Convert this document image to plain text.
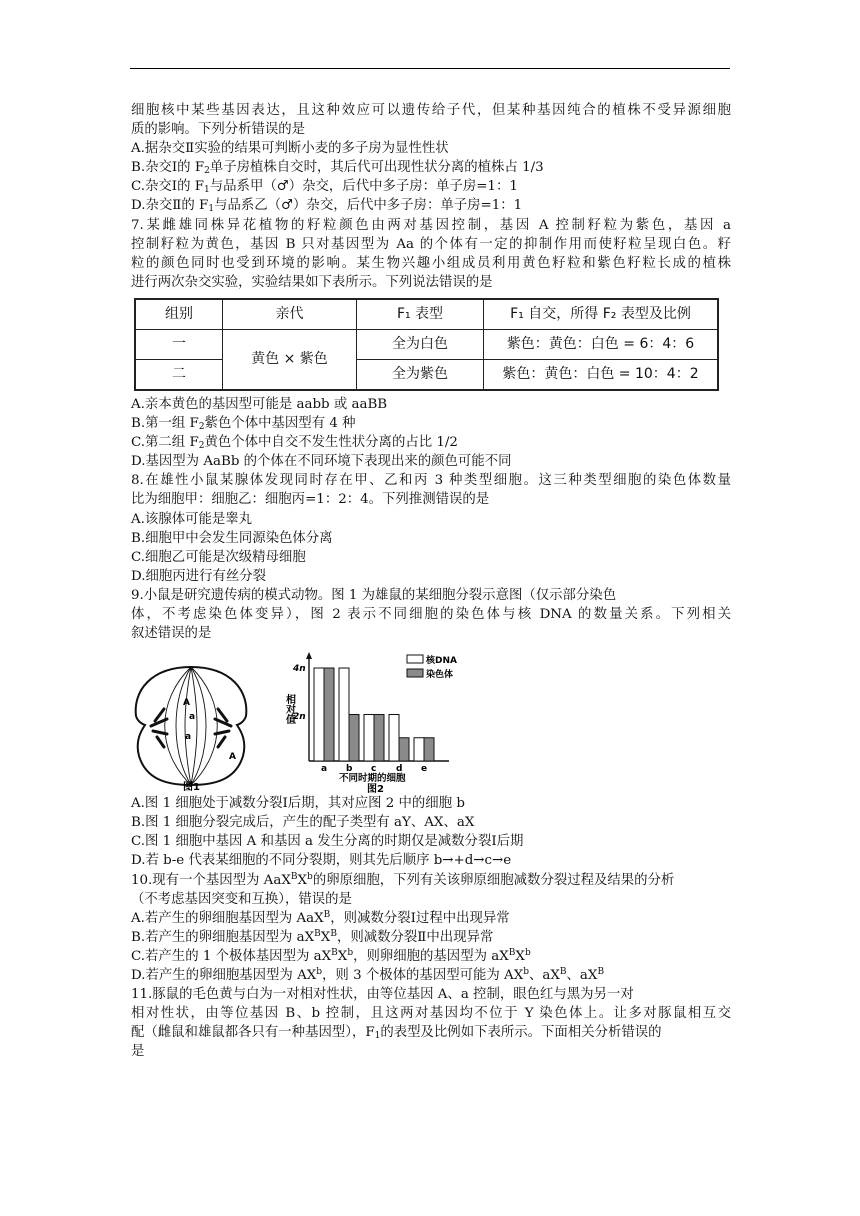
细胞核中某些基因表达，且这种效应可以遗传给子代，但某种基因纯合的植株不受异源细胞
质的影响。下列分析错误的是
A.据杂交Ⅱ实验的结果可判断小麦的多子房为显性性状
B.杂交Ⅰ的 $F_2$单子房植株自交时，其后代可出现性状分离的植株占 1/3
C.杂交Ⅰ的 $F_1$与品系甲（♂）杂交，后代中多子房：单子房=1：1
D.杂交Ⅱ的 $F_1$与品系乙（♂）杂交，后代中多子房：单子房=1：1
7.某雌雄同株异花植物的籽粒颜色由两对基因控制，基因 A 控制籽粒为紫色，基因 a
控制籽粒为黄色，基因 B 只对基因型为 Aa 的个体有一定的抑制作用而使籽粒呈现白色。籽
粒的颜色同时也受到环境的影响。某生物兴趣小组成员利用黄色籽粒和紫色籽粒长成的植株
进行两次杂交实验，实验结果如下表所示。下列说法错误的是
组别	亲代	F₁ 表型	F₁ 自交，所得 F₂ 表型及比例
一	黄色 × 紫色	全为白色	紫色：黄色：白色 = 6：4：6
二		全为紫色	紫色：黄色：白色 = 10：4：2
A.亲本黄色的基因型可能是 aabb 或 aaBB
B.第一组 $F_2$紫色个体中基因型有 4 种
C.第二组 $F_2$黄色个体中自交不发生性状分离的占比 1/2
D.基因型为 AaBb 的个体在不同环境下表现出来的颜色可能不同
8.在雄性小鼠某腺体发现同时存在甲、乙和丙 3 种类型细胞。这三种类型细胞的染色体数量
比为细胞甲：细胞乙：细胞丙=1：2：4。下列推测错误的是
A.该腺体可能是睾丸
B.细胞甲中会发生同源染色体分离
C.细胞乙可能是次级精母细胞
D.细胞丙进行有丝分裂
9.小鼠是研究遗传病的模式动物。图 1 为雄鼠的某细胞分裂示意图（仅示部分染色
体，不考虑染色体变异），图 2 表示不同细胞的染色体与核 DNA 的数量关系。下列相关
叙述错误的是
A
a
a
A
图1
相对值
4n
2n
a b c d e
核DNA
染色体
不同时期的细胞
图2
A.图 1 细胞处于减数分裂Ⅰ后期，其对应图 2 中的细胞 b
B.图 1 细胞分裂完成后，产生的配子类型有 aY、AX、aX
C.图 1 细胞中基因 A 和基因 a 发生分离的时期仅是减数分裂Ⅰ后期
D.若 b-e 代表某细胞的不同分裂期，则其先后顺序 b→+d→c→e
10.现有一个基因型为 $AaX^BX^b$的卵原细胞，下列有关该卵原细胞减数分裂过程及结果的分析
（不考虑基因突变和互换），错误的是
A.若产生的卵细胞基因型为 AaX$^B$，则减数分裂Ⅰ过程中出现异常
B.若产生的卵细胞基因型为 $aX^BX^B$，则减数分裂Ⅱ中出现异常
C.若产生的 1 个极体基因型为 $aX^BX^b$，则卵细胞的基因型为 $aX^BX^b$
D.若产生的卵细胞基因型为 $AX^b$，则 3 个极体的基因型可能为 $AX^b$、$aX^B$、$aX^B$
11.豚鼠的毛色黄与白为一对相对性状，由等位基因 A、a 控制，眼色红与黑为另一对
相对性状，由等位基因 B、b 控制，且这两对基因均不位于 Y 染色体上。让多对豚鼠相互交
配（雌鼠和雄鼠都各只有一种基因型），$F_1$的表型及比例如下表所示。下面相关分析错误的
是
